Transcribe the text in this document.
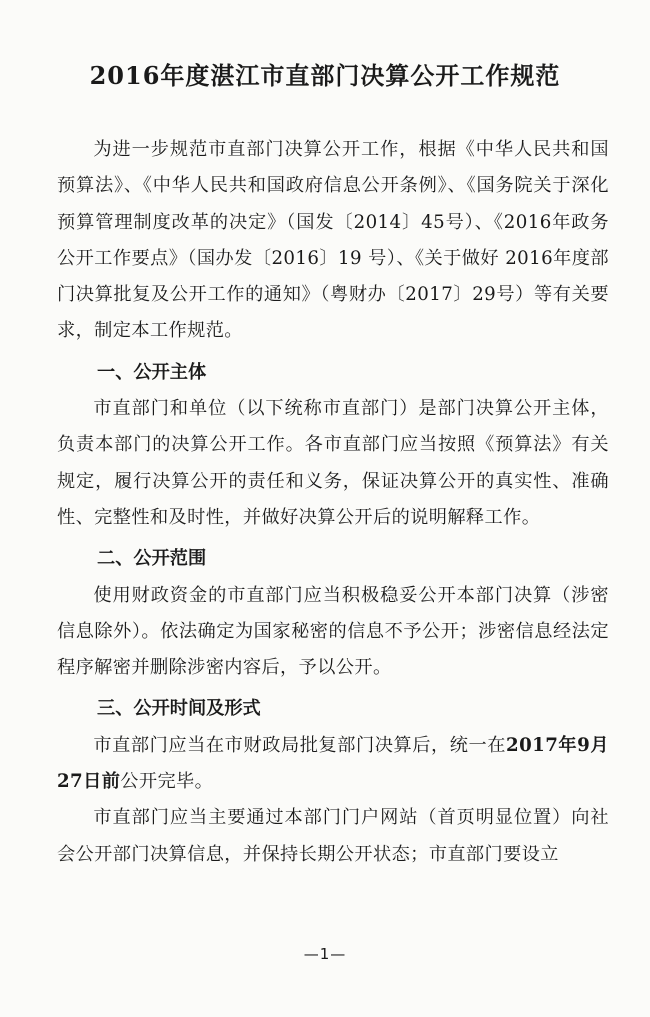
2016年度湛江市直部门决算公开工作规范

为进一步规范市直部门决算公开工作，根据《中华人民共和国预算法》、《中华人民共和国政府信息公开条例》、《国务院关于深化预算管理制度改革的决定》（国发〔2014〕45号）、《2016年政务公开工作要点》（国办发〔2016〕19 号）、《关于做好 2016年度部门决算批复及公开工作的通知》（粤财办〔2017〕29号）等有关要求，制定本工作规范。

一、公开主体

市直部门和单位（以下统称市直部门）是部门决算公开主体，负责本部门的决算公开工作。各市直部门应当按照《预算法》有关规定，履行决算公开的责任和义务，保证决算公开的真实性、准确性、完整性和及时性，并做好决算公开后的说明解释工作。

二、公开范围

使用财政资金的市直部门应当积极稳妥公开本部门决算（涉密信息除外）。依法确定为国家秘密的信息不予公开；涉密信息经法定程序解密并删除涉密内容后，予以公开。

三、公开时间及形式

市直部门应当在市财政局批复部门决算后，统一在2017年9月27日前公开完毕。

市直部门应当主要通过本部门门户网站（首页明显位置）向社会公开部门决算信息，并保持长期公开状态；市直部门要设立

—1—
